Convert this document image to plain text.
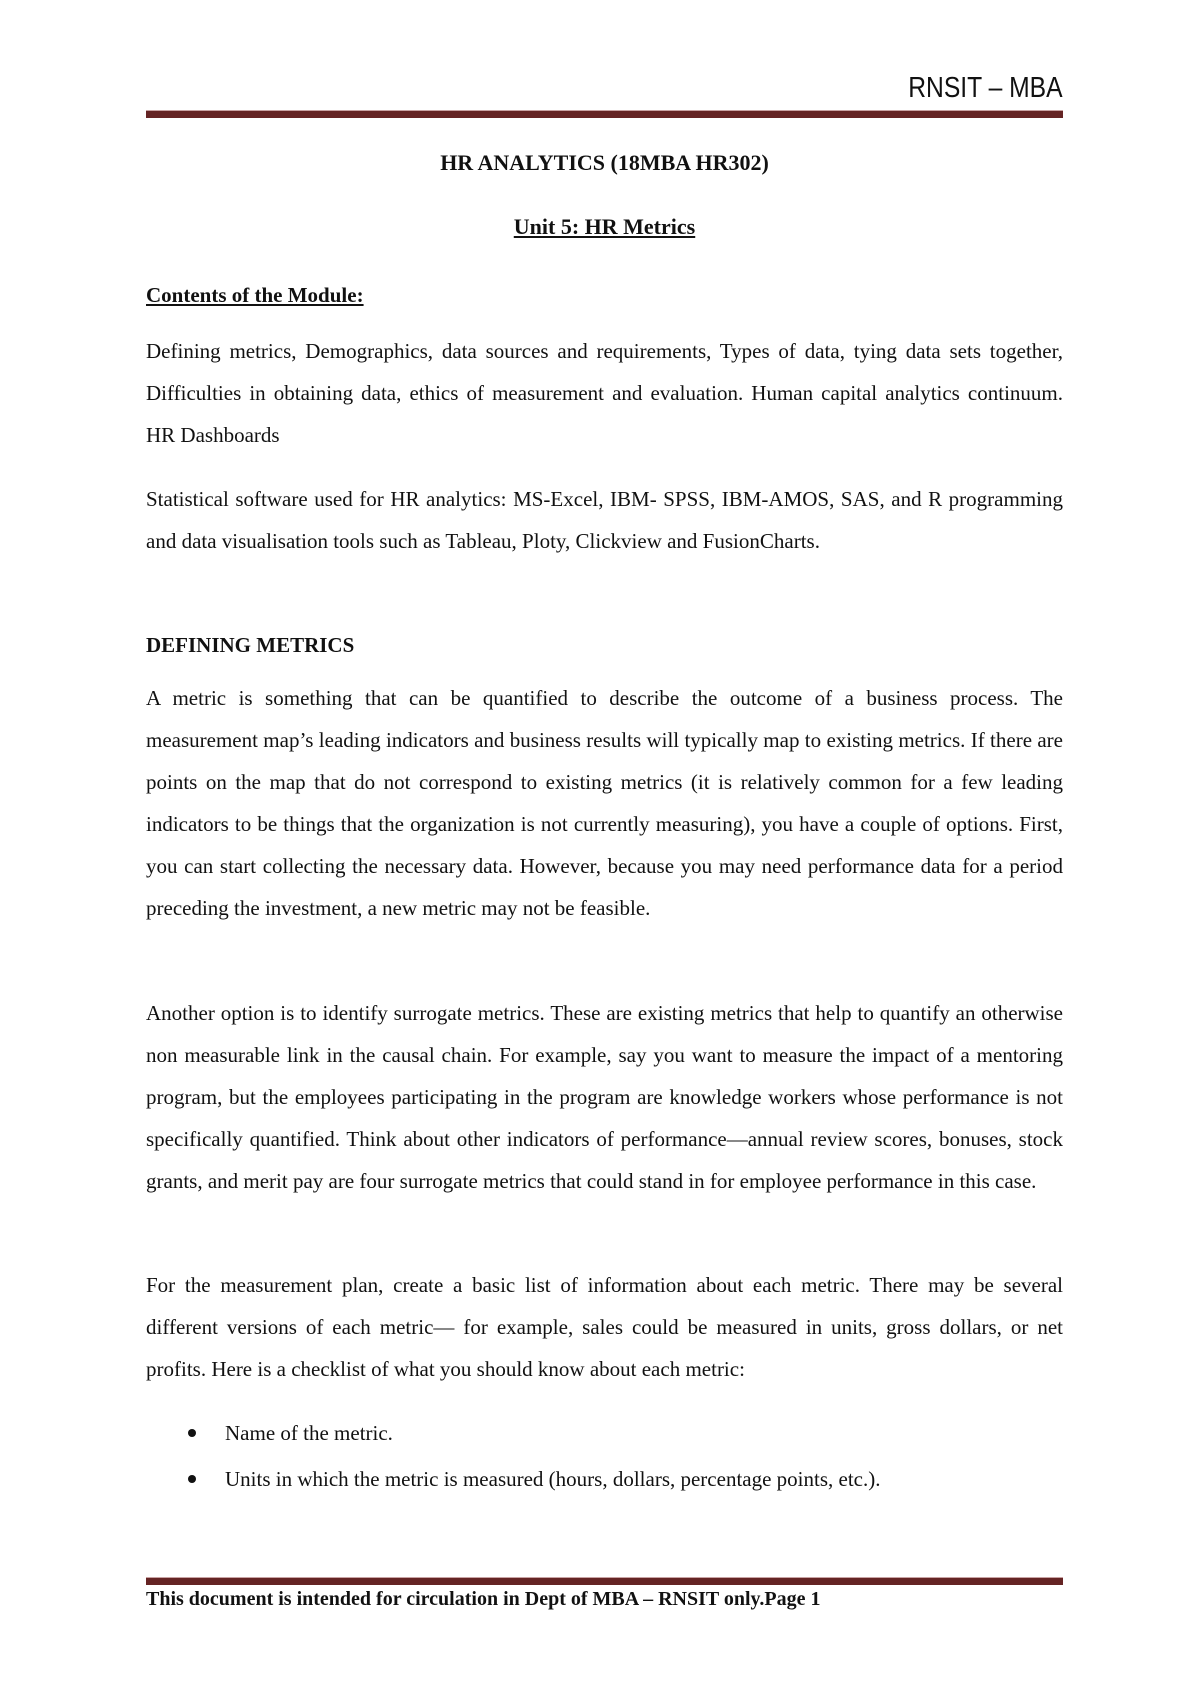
RNSIT – MBA
HR ANALYTICS (18MBA HR302)
Unit 5: HR Metrics
Contents of the Module:
Defining metrics, Demographics, data sources and requirements, Types of data, tying data sets together, Difficulties in obtaining data, ethics of measurement and evaluation. Human capital analytics continuum. HR Dashboards
Statistical software used for HR analytics: MS-Excel, IBM- SPSS, IBM-AMOS, SAS, and R programming and data visualisation tools such as Tableau, Ploty, Clickview and FusionCharts.
DEFINING METRICS
A metric is something that can be quantified to describe the outcome of a business process. The measurement map’s leading indicators and business results will typically map to existing metrics. If there are points on the map that do not correspond to existing metrics (it is relatively common for a few leading indicators to be things that the organization is not currently measuring), you have a couple of options. First, you can start collecting the necessary data. However, because you may need performance data for a period preceding the investment, a new metric may not be feasible.
Another option is to identify surrogate metrics. These are existing metrics that help to quantify an otherwise non measurable link in the causal chain. For example, say you want to measure the impact of a mentoring program, but the employees participating in the program are knowledge workers whose performance is not specifically quantified. Think about other indicators of performance—annual review scores, bonuses, stock grants, and merit pay are four surrogate metrics that could stand in for employee performance in this case.
For the measurement plan, create a basic list of information about each metric. There may be several different versions of each metric— for example, sales could be measured in units, gross dollars, or net profits. Here is a checklist of what you should know about each metric:
Name of the metric.
Units in which the metric is measured (hours, dollars, percentage points, etc.).
This document is intended for circulation in Dept of MBA – RNSIT only.Page 1
